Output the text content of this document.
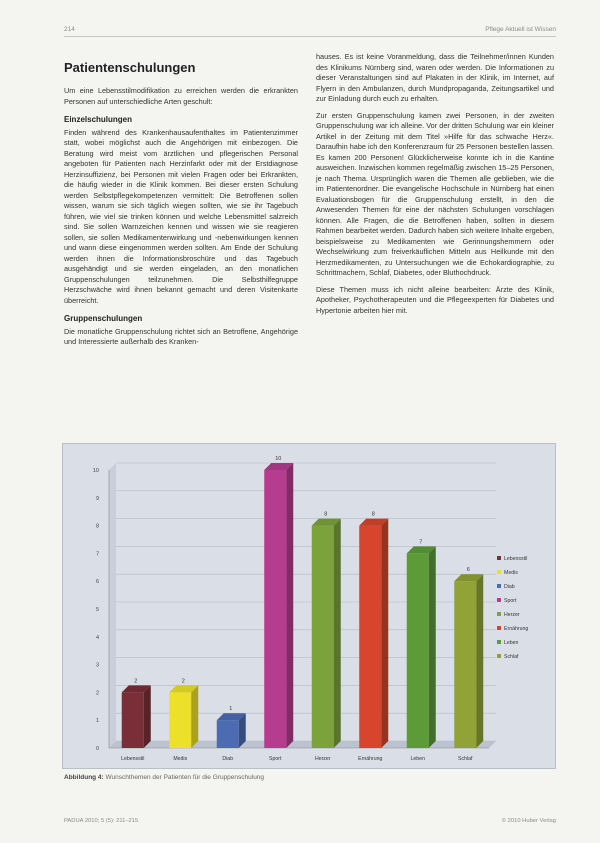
214	Pflege Aktuell ist Wissen
Patientenschulungen

Um eine Lebensstilmodifikation zu erreichen werden die erkrankten Personen auf unterschiedliche Arten geschult:

Einzelschulungen

Finden während des Krankenhausaufenthaltes im Patientenzimmer statt, wobei möglichst auch die Angehörigen mit einbezogen. Die Beratung wird meist vom ärztlichen und pflegerischen Personal angeboten für Patienten nach Herzinfarkt oder mit der Erstdiagnose Herzinsuffizienz, bei Personen mit vielen Fragen oder bei Erkrankten, die häufig wieder in die Klinik kommen. Bei dieser ersten Schulung werden Selbstpflegekompetenzen vermittelt: Die Betroffenen sollen wissen, warum sie sich täglich wiegen sollten, wie sie ihr Tagebuch führen, wie viel sie trinken können und welche Lebensmittel salzreich sind. Sie sollen Warnzeichen kennen und wissen wie sie reagieren sollen, sie sollen Medikamentenwirkung und -nebenwirkungen kennen und wann diese eingenommen werden sollten. Am Ende der Schulung werden ihnen die Informationsbroschüre und das Tagebuch ausgehändigt und sie werden eingeladen, an den monatlichen Gruppenschulungen teilzunehmen. Die Selbsthilfegruppe Herzschwäche wird ihnen bekannt gemacht und deren Visitenkarte überreicht.

Gruppenschulungen

Die monatliche Gruppenschulung richtet sich an Betroffene, Angehörige und Interessierte außerhalb des Kranken-

hauses. Es ist keine Voranmeldung, dass die Teilnehmer/innen Kunden des Klinikums Nürnberg sind, waren oder werden. Die Informationen zu dieser Veranstaltungen sind auf Plakaten in der Klinik, im Internet, auf Flyern in den Ambulanzen, durch Mundpropaganda, Zeitungsartikel und zur Einladung durch euch zu erhalten.

Zur ersten Gruppenschulung kamen zwei Personen, in der zweiten Gruppenschulung war ich alleine. Vor der dritten Schulung war ein kleiner Artikel in der Zeitung mit dem Titel »Hilfe für das schwache Herz«. Daraufhin habe ich den Konferenzraum für 25 Personen bestellen lassen. Es kamen 200 Personen! Glücklicherweise konnte ich in die Kantine ausweichen. Inzwischen kommen regelmäßig zwischen 15–25 Personen, je nach Thema. Ursprünglich waren die Themen alle geblieben, wie die im Patientenordner. Die evangelische Hochschule in Nürnberg hat einen Evaluationsbogen für die Gruppenschulung erstellt, in den die Anwesenden Themen für eine der nächsten Schulungen vorschlagen können. Alle Fragen, die die Betroffenen haben, sollten in diesem Rahmen bearbeitet werden. Dadurch haben sich weitere Inhalte ergeben, beispielsweise zu Medikamenten wie Gerinnungshemmern oder Wechselwirkung zum freiverkäuflichen Mitteln aus Heilkunde mit den Herzmedikamenten, zu Untersuchungen wie die Echokardiographie, zu Schrittmachern, Schlaf, Diabetes, oder Bluthochdruck.

Diese Themen muss ich nicht alleine bearbeiten: Ärzte des Klinik, Apotheker, Psychotherapeuten und die Pflegeexperten für Diabetes und Hypertonie arbeiten hier mit.

0
1
2
3
4
5
6
7
8
9
10
2
Lebensstil
2
Medis
1
Diab
10
Sport
8
Herzer
8
Ernährung
7
Leben
6
Schlaf
Lebensstil
Medis
Diab
Sport
Herzer
Ernährung
Leben
Schlaf
Abbildung 4: Wunschthemen der Patienten für die Gruppenschulung
PADUA 2010; 5 (5): 211–215	© 2010 Huber Verlag
